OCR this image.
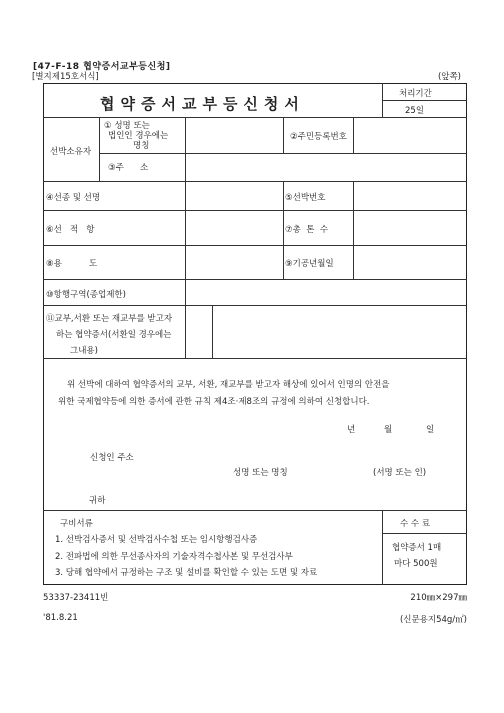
[47-F-18 협약증서교부등신청]
[별지제15호서식]	(앞쪽)
협약증서교부등신청서
처리기간
25일
선박소유자
① 성명 또는
법인인 경우에는
명칭
②주민등록번호
③주      소
④선종 및 선명	⑤선박번호
⑥선   적   항	⑦총  톤  수
⑧용          도	⑨기공년월일
⑩항행구역(종업제한)
⑪교부,서환 또는 재교부를 받고자
하는 협약증서(서환일 경우에는
그내용)
위 선박에 대하여 협약증서의 교부, 서환, 재교부를 받고자 해상에 있어서 인명의 안전을
위한 국제협약등에 의한 증서에 관한 규칙 제4조·제8조의 규정에 의하여 신청합니다.
년	월	일
신청인 주소
성명 또는 명칭	(서명 또는 인)
귀하
구비서류
1. 선박검사증서 및 선박검사수첩 또는 임시항행검사증
2. 전파법에 의한 무선종사자의 기술자격수첩사본 및 무선검사부
3. 당해 협약에서 규정하는 구조 및 설비를 확인할 수 있는 도면 및 자료
수 수 료
협약증서 1매
마다 500원
53337-23411빈
'81.8.21
210㎜×297㎜
(신문용지54g/㎡)
